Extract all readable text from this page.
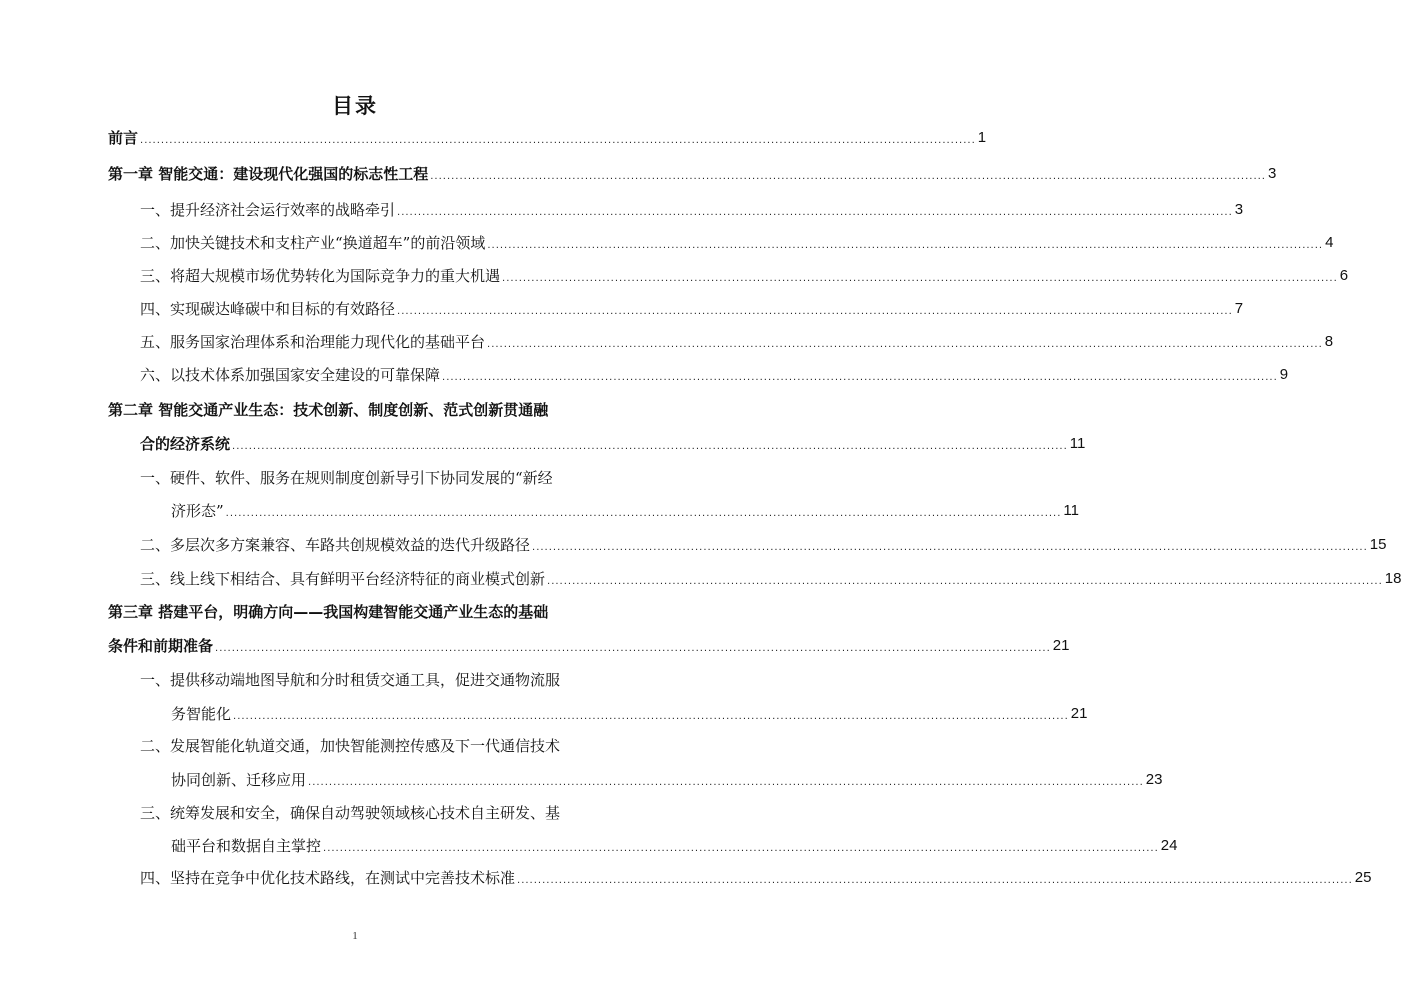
目录
前言 ........................................................................................................................................................................................................ 1
第一章 智能交通：建设现代化强国的标志性工程 ........................................................................................................................................................................................................ 3
一、提升经济社会运行效率的战略牵引 ........................................................................................................................................................................................................ 3
二、加快关键技术和支柱产业“换道超车”的前沿领域 ........................................................................................................................................................................................................ 4
三、将超大规模市场优势转化为国际竞争力的重大机遇 ........................................................................................................................................................................................................ 6
四、实现碳达峰碳中和目标的有效路径 ........................................................................................................................................................................................................ 7
五、服务国家治理体系和治理能力现代化的基础平台 ........................................................................................................................................................................................................ 8
六、以技术体系加强国家安全建设的可靠保障 ........................................................................................................................................................................................................ 9
第二章 智能交通产业生态：技术创新、制度创新、范式创新贯通融
合的经济系统 ........................................................................................................................................................................................................ 11
一、硬件、软件、服务在规则制度创新导引下协同发展的“新经
济形态” ........................................................................................................................................................................................................ 11
二、多层次多方案兼容、车路共创规模效益的迭代升级路径 ........................................................................................................................................................................................................ 15
三、线上线下相结合、具有鲜明平台经济特征的商业模式创新 ........................................................................................................................................................................................................ 18
第三章 搭建平台，明确方向——我国构建智能交通产业生态的基础
条件和前期准备 ........................................................................................................................................................................................................ 21
一、提供移动端地图导航和分时租赁交通工具，促进交通物流服
务智能化 ........................................................................................................................................................................................................ 21
二、发展智能化轨道交通，加快智能测控传感及下一代通信技术
协同创新、迁移应用 ........................................................................................................................................................................................................ 23
三、统筹发展和安全，确保自动驾驶领域核心技术自主研发、基
础平台和数据自主掌控 ........................................................................................................................................................................................................ 24
四、坚持在竞争中优化技术路线，在测试中完善技术标准 ........................................................................................................................................................................................................ 25
1
